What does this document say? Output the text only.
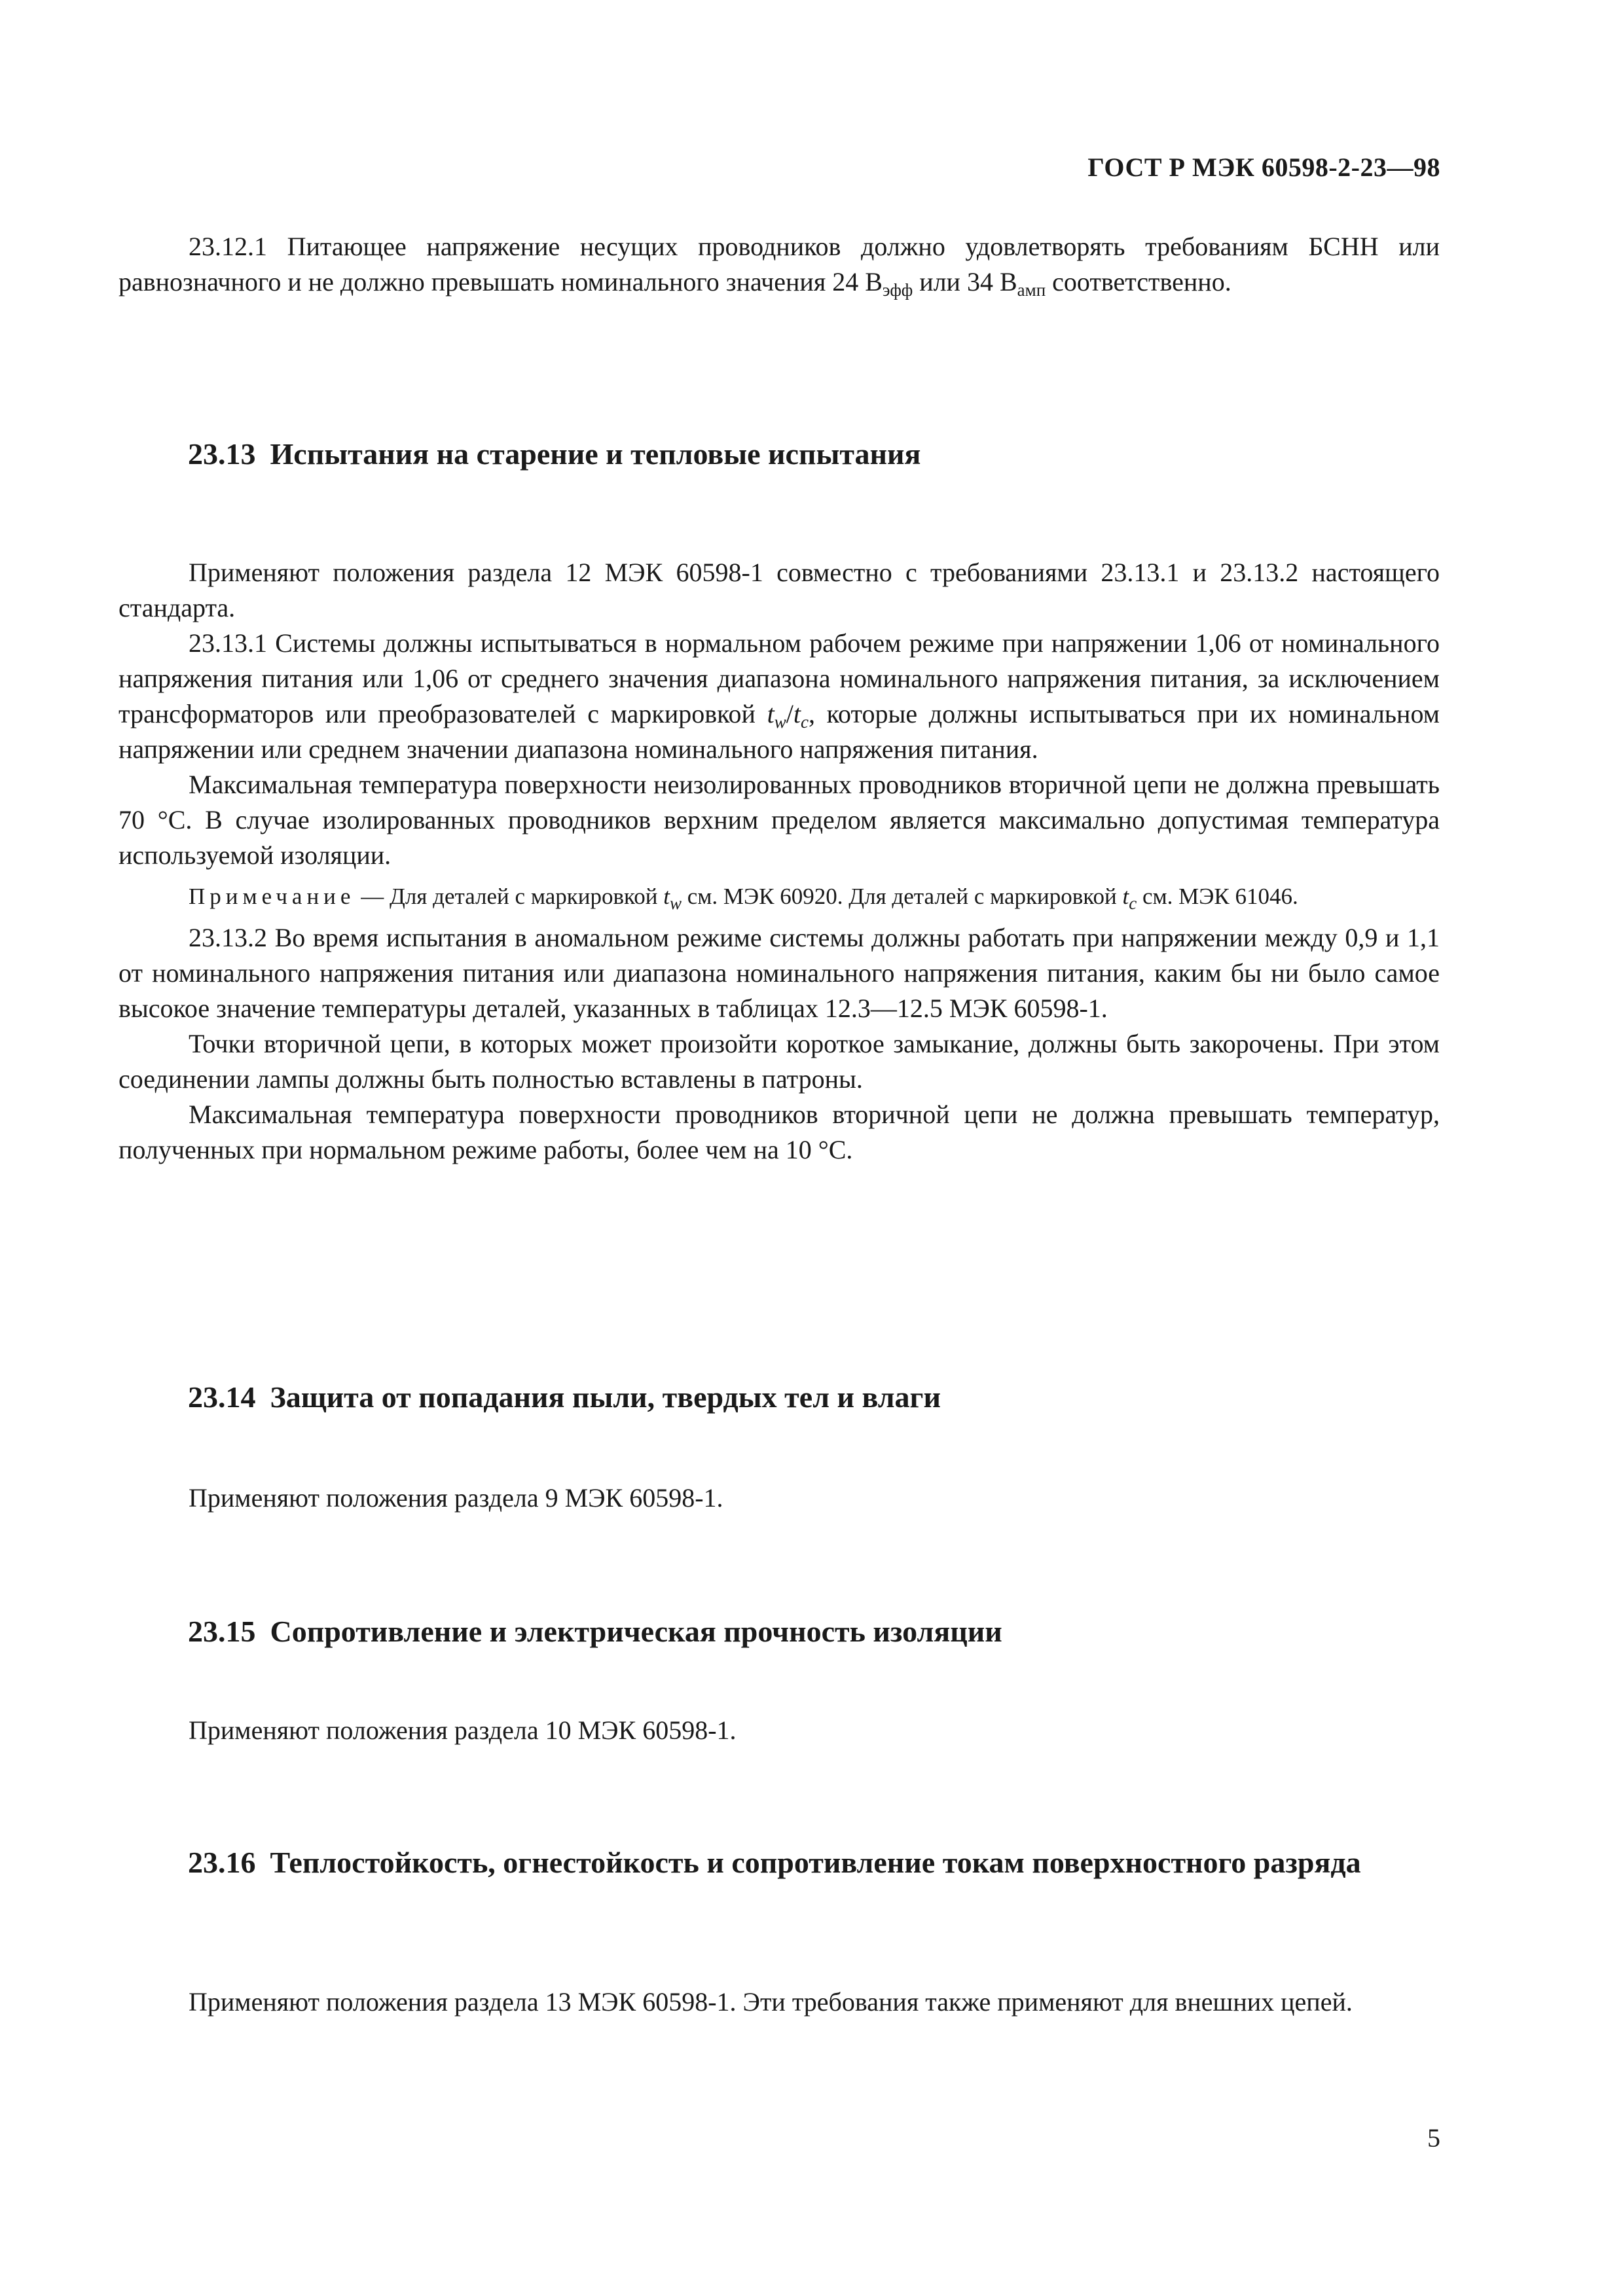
ГОСТ Р МЭК 60598-2-23—98

23.12.1 Питающее напряжение несущих проводников должно удовлетворять требованиям БСНН или равнозначного и не должно превышать номинального значения 24 $В_{эфф}$ или 34 $В_{амп}$ соответственно.

23.13 Испытания на старение и тепловые испытания

Применяют положения раздела 12 МЭК 60598-1 совместно с требованиями 23.13.1 и 23.13.2 настоящего стандарта.

23.13.1 Системы должны испытываться в нормальном рабочем режиме при напряжении 1,06 от номинального напряжения питания или 1,06 от среднего значения диапазона номинального напряжения питания, за исключением трансформаторов или преобразователей с маркировкой $t_w/t_c$, которые должны испытываться при их номинальном напряжении или среднем значении диапазона номинального напряжения питания.

Максимальная температура поверхности неизолированных проводников вторичной цепи не должна превышать 70 °С. В случае изолированных проводников верхним пределом является максимально допустимая температура используемой изоляции.

Примечание — Для деталей с маркировкой $t_w$ см. МЭК 60920. Для деталей с маркировкой $t_c$ см. МЭК 61046.

23.13.2 Во время испытания в аномальном режиме системы должны работать при напряжении между 0,9 и 1,1 от номинального напряжения питания или диапазона номинального напряжения питания, каким бы ни было самое высокое значение температуры деталей, указанных в таблицах 12.3—12.5 МЭК 60598-1.

Точки вторичной цепи, в которых может произойти короткое замыкание, должны быть закорочены. При этом соединении лампы должны быть полностью вставлены в патроны.

Максимальная температура поверхности проводников вторичной цепи не должна превышать температур, полученных при нормальном режиме работы, более чем на 10 °С.

23.14 Защита от попадания пыли, твердых тел и влаги

Применяют положения раздела 9 МЭК 60598-1.

23.15 Сопротивление и электрическая прочность изоляции

Применяют положения раздела 10 МЭК 60598-1.

23.16 Теплостойкость, огнестойкость и сопротивление токам поверхностного разряда

Применяют положения раздела 13 МЭК 60598-1. Эти требования также применяют для внешних цепей.

5
